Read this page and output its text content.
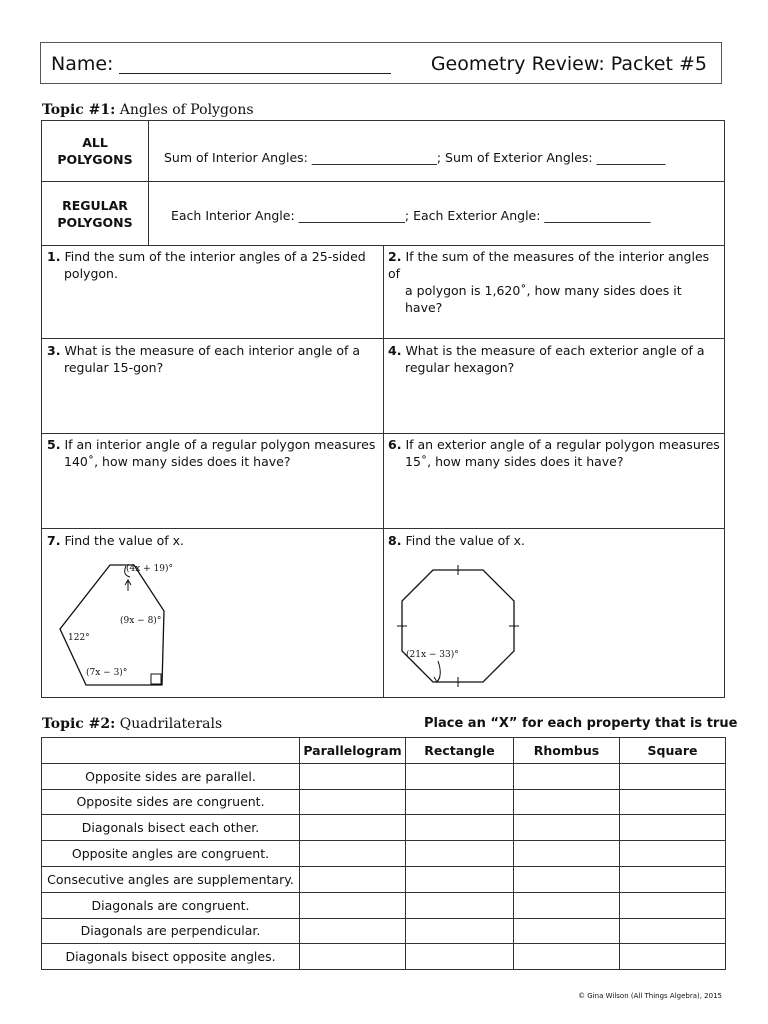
Name:	Geometry Review: Packet #5
Topic #1: Angles of Polygons
ALL
POLYGONS	Sum of Interior Angles: ____________________; Sum of Exterior Angles: ___________
REGULAR
POLYGONS	Each Interior Angle: _________________; Each Exterior Angle: _________________
1. Find the sum of the interior angles of a 25-sided
polygon.
2. If the sum of the measures of the interior angles of
a polygon is 1,620˚, how many sides does it have?
3. What is the measure of each interior angle of a
regular 15-gon?
4. What is the measure of each exterior angle of a
regular hexagon?
5. If an interior angle of a regular polygon measures
140˚, how many sides does it have?
6. If an exterior angle of a regular polygon measures
15˚, how many sides does it have?
7. Find the value of x.	8. Find the value of x.
(4x + 19)°
(9x − 8)°
122°
(7x − 3)°
(21x − 33)°
Topic #2: Quadrilaterals	Place an “X” for each property that is true
	Parallelogram	Rectangle	Rhombus	Square
Opposite sides are parallel.				
Opposite sides are congruent.				
Diagonals bisect each other.				
Opposite angles are congruent.				
Consecutive angles are supplementary.				
Diagonals are congruent.				
Diagonals are perpendicular.				
Diagonals bisect opposite angles.				
© Gina Wilson (All Things Algebra), 2015
